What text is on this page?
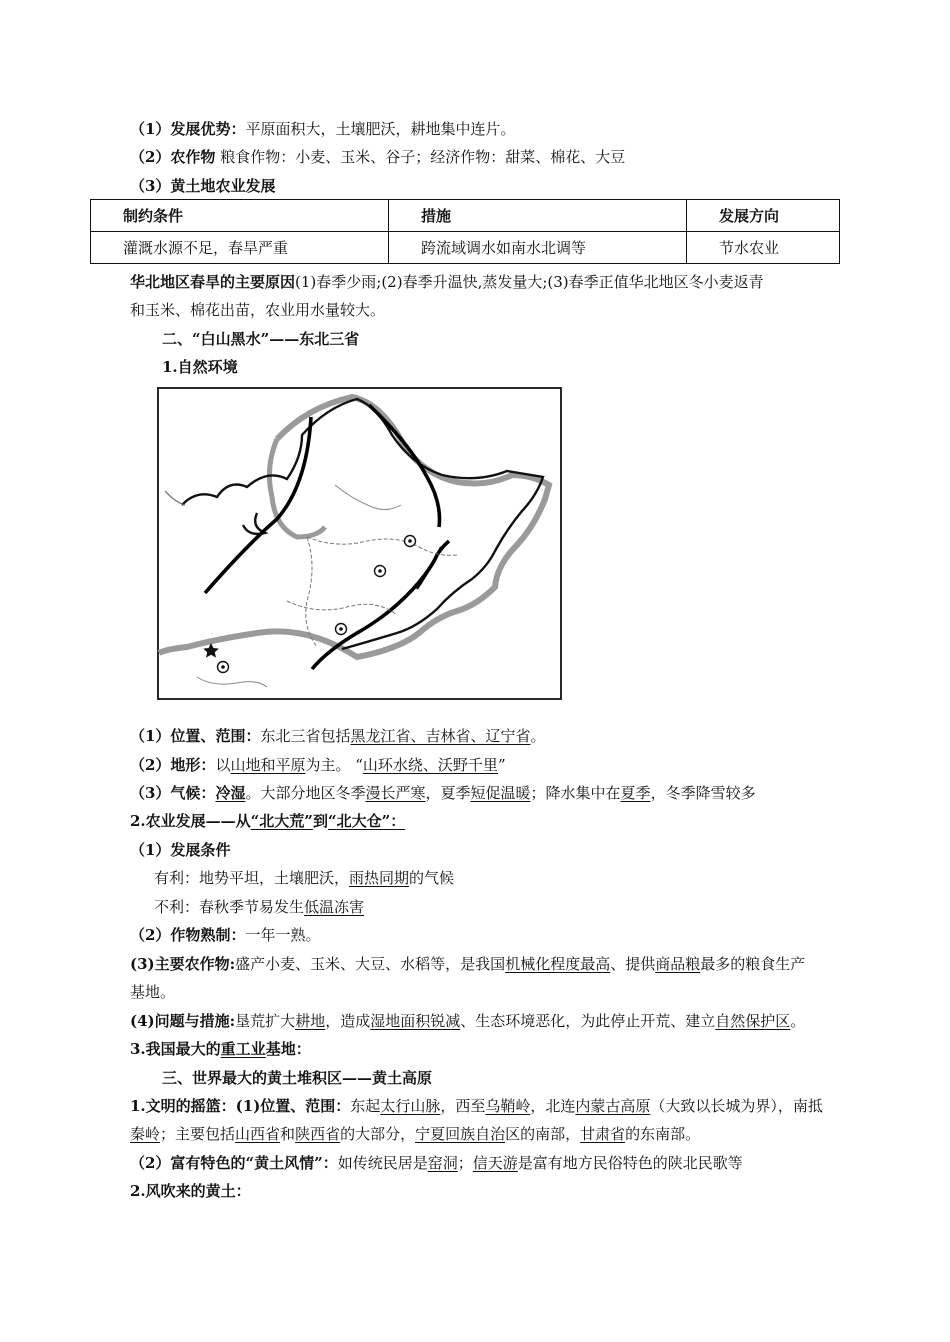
（1）发展优势：平原面积大，土壤肥沃，耕地集中连片。
（2）农作物 粮食作物：小麦、玉米、谷子；经济作物：甜菜、棉花、大豆
（3）黄土地农业发展
制约条件	措施	发展方向
灌溉水源不足，春旱严重	跨流域调水如南水北调等	节水农业
华北地区春旱的主要原因(1)春季少雨;(2)春季升温快,蒸发量大;(3)春季正值华北地区冬小麦返青
和玉米、棉花出苗，农业用水量较大。
二、“白山黑水”——东北三省
1.自然环境
（1）位置、范围：东北三省包括黑龙江省、吉林省、辽宁省。
（2）地形：以山地和平原为主。 “山环水绕、沃野千里”
（3）气候：冷湿。大部分地区冬季漫长严寒，夏季短促温暖；降水集中在夏季，冬季降雪较多
2.农业发展——从“北大荒”到“北大仓”：
（1）发展条件
有利：地势平坦，土壤肥沃，雨热同期的气候
不利：春秋季节易发生低温冻害
（2）作物熟制：一年一熟。
(3)主要农作物:盛产小麦、玉米、大豆、水稻等，是我国机械化程度最高、提供商品粮最多的粮食生产
基地。
(4)问题与措施:垦荒扩大耕地，造成湿地面积锐减、生态环境恶化，为此停止开荒、建立自然保护区。
3.我国最大的重工业基地：
三、世界最大的黄土堆积区——黄土高原
1.文明的摇篮：(1)位置、范围：东起太行山脉，西至乌鞘岭，北连内蒙古高原（大致以长城为界），南抵
秦岭；主要包括山西省和陕西省的大部分，宁夏回族自治区的南部，甘肃省的东南部。
（2）富有特色的“黄土风情”：如传统民居是窑洞；信天游是富有地方民俗特色的陕北民歌等
2.风吹来的黄土：
